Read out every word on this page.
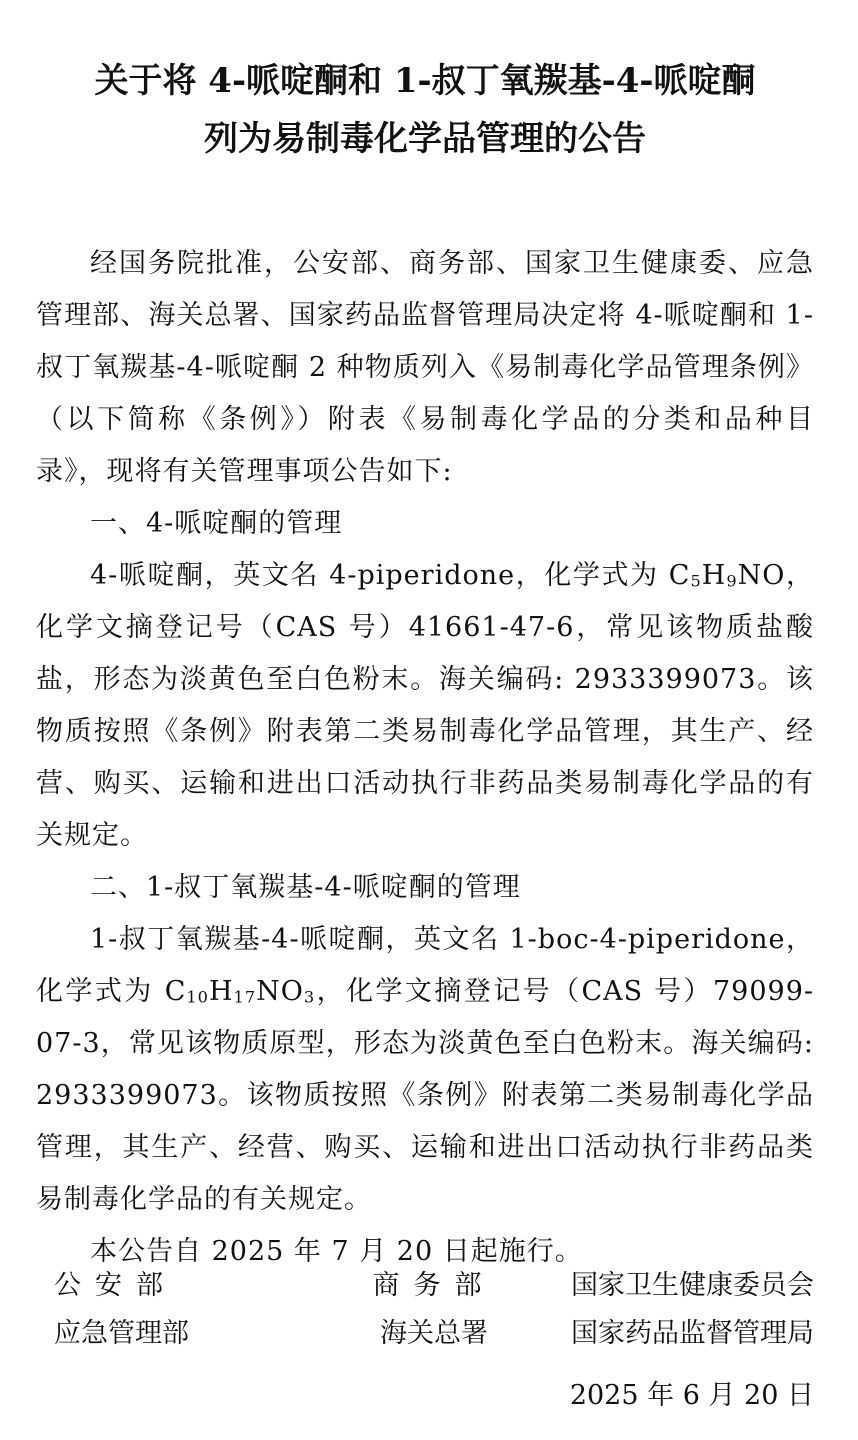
关于将 4-哌啶酮和 1-叔丁氧羰基-4-哌啶酮
列为易制毒化学品管理的公告

经国务院批准，公安部、商务部、国家卫生健康委、应急管理部、海关总署、国家药品监督管理局决定将 4-哌啶酮和 1-叔丁氧羰基-4-哌啶酮 2 种物质列入《易制毒化学品管理条例》（以下简称《条例》）附表《易制毒化学品的分类和品种目录》，现将有关管理事项公告如下:

一、4-哌啶酮的管理

4-哌啶酮，英文名 4-piperidone，化学式为 $C_5H_9NO$，化学文摘登记号（CAS 号）41661-47-6，常见该物质盐酸盐，形态为淡黄色至白色粉末。海关编码: 2933399073。该物质按照《条例》附表第二类易制毒化学品管理，其生产、经营、购买、运输和进出口活动执行非药品类易制毒化学品的有关规定。

二、1-叔丁氧羰基-4-哌啶酮的管理

1-叔丁氧羰基-4-哌啶酮，英文名 1-boc-4-piperidone，化学式为 $C_{10}H_{17}NO_3$，化学文摘登记号（CAS 号）79099-07-3，常见该物质原型，形态为淡黄色至白色粉末。海关编码: 2933399073。该物质按照《条例》附表第二类易制毒化学品管理，其生产、经营、购买、运输和进出口活动执行非药品类易制毒化学品的有关规定。

本公告自 2025 年 7 月 20 日起施行。

公安部	商务部	国家卫生健康委员会
应急管理部	海关总署	国家药品监督管理局
2025 年 6 月 20 日
